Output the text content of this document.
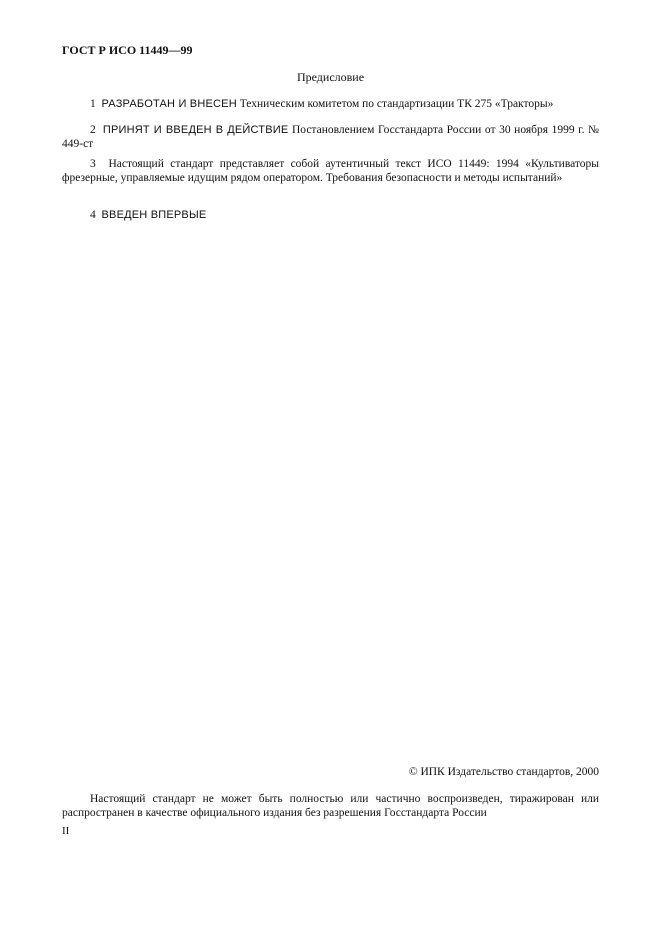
ГОСТ Р ИСО 11449—99
Предисловие

1 РАЗРАБОТАН И ВНЕСЕН Техническим комитетом по стандартизации ТК 275 «Тракторы»

2 ПРИНЯТ И ВВЕДЕН В ДЕЙСТВИЕ Постановлением Госстандарта России от 30 ноября 1999 г. № 449-ст

3 Настоящий стандарт представляет собой аутентичный текст ИСО 11449: 1994 «Культиваторы фрезерные, управляемые идущим рядом оператором. Требования безопасности и методы испытаний»

4 ВВЕДЕН ВПЕРВЫЕ

© ИПК Издательство стандартов, 2000

Настоящий стандарт не может быть полностью или частично воспроизведен, тиражирован или распространен в качестве официального издания без разрешения Госстандарта России

II
